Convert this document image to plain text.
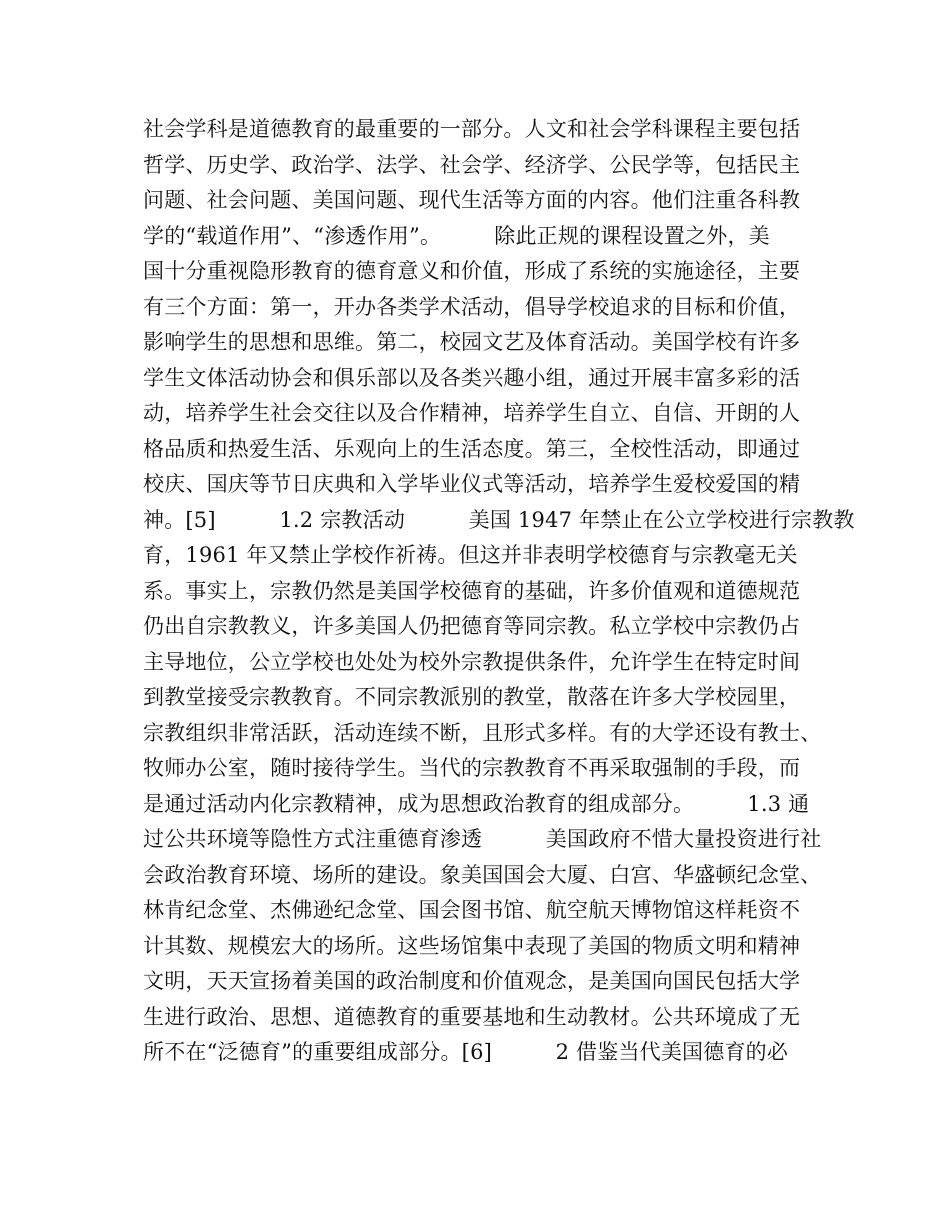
社会学科是道德教育的最重要的一部分。人文和社会学科课程主要包括
哲学、历史学、政治学、法学、社会学、经济学、公民学等，包括民主
问题、社会问题、美国问题、现代生活等方面的内容。他们注重各科教
学的“载道作用”、“渗透作用”。　　　除此正规的课程设置之外，美
国十分重视隐形教育的德育意义和价值，形成了系统的实施途径，主要
有三个方面：第一，开办各类学术活动，倡导学校追求的目标和价值，
影响学生的思想和思维。第二，校园文艺及体育活动。美国学校有许多
学生文体活动协会和俱乐部以及各类兴趣小组，通过开展丰富多彩的活
动，培养学生社会交往以及合作精神，培养学生自立、自信、开朗的人
格品质和热爱生活、乐观向上的生活态度。第三，全校性活动，即通过
校庆、国庆等节日庆典和入学毕业仪式等活动，培养学生爱校爱国的精
神。[5]　　　1.2 宗教活动　　　美国 1947 年禁止在公立学校进行宗教教
育，1961 年又禁止学校作祈祷。但这并非表明学校德育与宗教毫无关
系。事实上，宗教仍然是美国学校德育的基础，许多价值观和道德规范
仍出自宗教教义，许多美国人仍把德育等同宗教。私立学校中宗教仍占
主导地位，公立学校也处处为校外宗教提供条件，允许学生在特定时间
到教堂接受宗教教育。不同宗教派别的教堂，散落在许多大学校园里，
宗教组织非常活跃，活动连续不断，且形式多样。有的大学还设有教士、
牧师办公室，随时接待学生。当代的宗教教育不再采取强制的手段，而
是通过活动内化宗教精神，成为思想政治教育的组成部分。　　　1.3 通
过公共环境等隐性方式注重德育渗透　　　美国政府不惜大量投资进行社
会政治教育环境、场所的建设。象美国国会大厦、白宫、华盛顿纪念堂、
林肯纪念堂、杰佛逊纪念堂、国会图书馆、航空航天博物馆这样耗资不
计其数、规模宏大的场所。这些场馆集中表现了美国的物质文明和精神
文明，天天宣扬着美国的政治制度和价值观念，是美国向国民包括大学
生进行政治、思想、道德教育的重要基地和生动教材。公共环境成了无
所不在“泛德育”的重要组成部分。[6]　　　2 借鉴当代美国德育的必
